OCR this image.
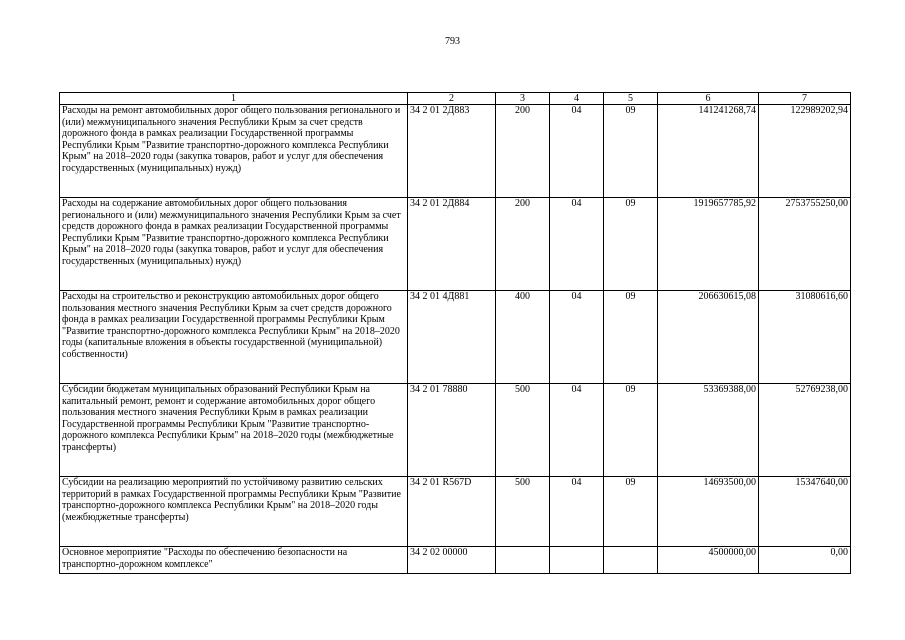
793
1	2	3	4	5	6	7
Расходы на ремонт автомобильных дорог общего пользования регионального и (или) межмуниципального значения Республики Крым за счет средств дорожного фонда в рамках реализации Государственной программы Республики Крым "Развитие транспортно-дорожного комплекса Республики Крым" на 2018–2020 годы (закупка товаров, работ и услуг для обеспечения государственных (муниципальных) нужд)	34 2 01 2Д883	200	04	09	141241268,74	122989202,94
Расходы на содержание автомобильных дорог общего пользования регионального и (или) межмуниципального значения Республики Крым за счет средств дорожного фонда в рамках реализации Государственной программы Республики Крым "Развитие транспортно-дорожного комплекса Республики Крым" на 2018–2020 годы (закупка товаров, работ и услуг для обеспечения государственных (муниципальных) нужд)	34 2 01 2Д884	200	04	09	1919657785,92	2753755250,00
Расходы на строительство и реконструкцию автомобильных дорог общего пользования местного значения Республики Крым за счет средств дорожного фонда в рамках реализации Государственной программы Республики Крым "Развитие транспортно-дорожного комплекса Республики Крым" на 2018–2020 годы (капитальные вложения в объекты государственной (муниципальной) собственности)	34 2 01 4Д881	400	04	09	206630615,08	31080616,60
Субсидии бюджетам муниципальных образований Республики Крым на капитальный ремонт, ремонт и содержание автомобильных дорог общего пользования местного значения Республики Крым в рамках реализации Государственной программы Республики Крым "Развитие транспортно-дорожного комплекса Республики Крым" на 2018–2020 годы (межбюджетные трансферты)	34 2 01 78880	500	04	09	53369388,00	52769238,00
Субсидии на реализацию мероприятий по устойчивому развитию сельских территорий в рамках Государственной программы Республики Крым "Развитие транспортно-дорожного комплекса Республики Крым" на 2018–2020 годы (межбюджетные трансферты)	34 2 01 R567D	500	04	09	14693500,00	15347640,00
Основное мероприятие "Расходы по обеспечению безопасности на транспортно-дорожном комплексе"	34 2 02 00000				4500000,00	0,00
